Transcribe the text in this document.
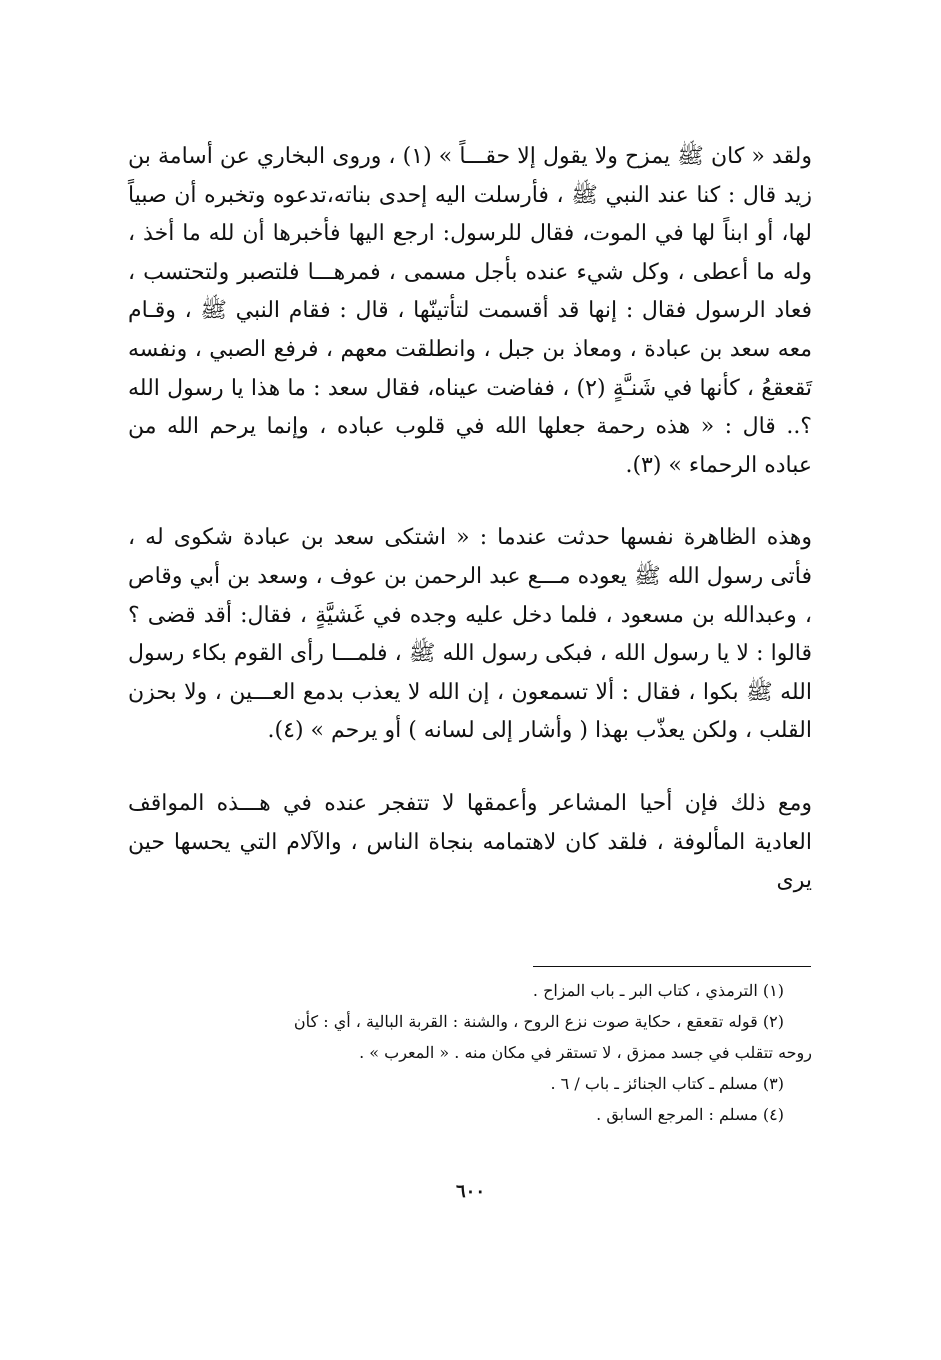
ولقد « كان ﷺ يمزح ولا يقول إلا حقـــاً » (١) ، وروى البخاري عن أسامة بن زيد قال : كنا عند النبي ﷺ ، فأرسلت اليه إحدى بناته،تدعوه وتخبره أن صبياً لها، أو ابناً لها في الموت، فقال للرسول: ارجع اليها فأخبرها أن لله ما أخذ ، وله ما أعطى ، وكل شيء عنده بأجل مسمى ، فمرهـــا فلتصبر ولتحتسب ، فعاد الرسول فقال : إنها قد أقسمت لتأتينّها ، قال : فقام النبي ﷺ ، وقـام معه سعد بن عبادة ، ومعاذ بن جبل ، وانطلقت معهم ، فرفع الصبي ، ونفسه تَقعقعُ ، كأنها في شَنـَّةٍ (٢) ، ففاضت عيناه، فقال سعد : ما هذا يا رسول الله ؟.. قال : « هذه رحمة جعلها الله في قلوب عباده ، وإنما يرحم الله من عباده الرحماء » (٣).

وهذه الظاهرة نفسها حدثت عندما : « اشتكى سعد بن عبادة شكوى له ، فأتى رسول الله ﷺ يعوده مـــع عبد الرحمن بن عوف ، وسعد بن أبي وقاص ، وعبدالله بن مسعود ، فلما دخل عليه وجده في غَشيَّةٍ ، فقال: أقد قضى ؟ قالوا : لا يا رسول الله ، فبكى رسول الله ﷺ ، فلمـــا رأى القوم بكاء رسول الله ﷺ بكوا ، فقال : ألا تسمعون ، إن الله لا يعذب بدمع العـــين ، ولا بحزن القلب ، ولكن يعذّب بهذا ( وأشار إلى لسانه ) أو يرحم » (٤).

ومع ذلك فإن أحيا المشاعر وأعمقها لا تتفجر عنده في هـــذه المواقف العادية المألوفة ، فلقد كان لاهتمامه بنجاة الناس ، والآلام التي يحسها حين يرى

(١) الترمذي ، كتاب البر ـ باب المزاح .

(٢) قوله تقعقع ، حكاية صوت نزع الروح ، والشنة : القربة البالية ، أي : كأن

روحه تتقلب في جسد ممزق ، لا تستقر في مكان منه . « المعرب » .

(٣) مسلم ـ كتاب الجنائز ـ باب / ٦ .

(٤) مسلم : المرجع السابق .

٦٠٠
